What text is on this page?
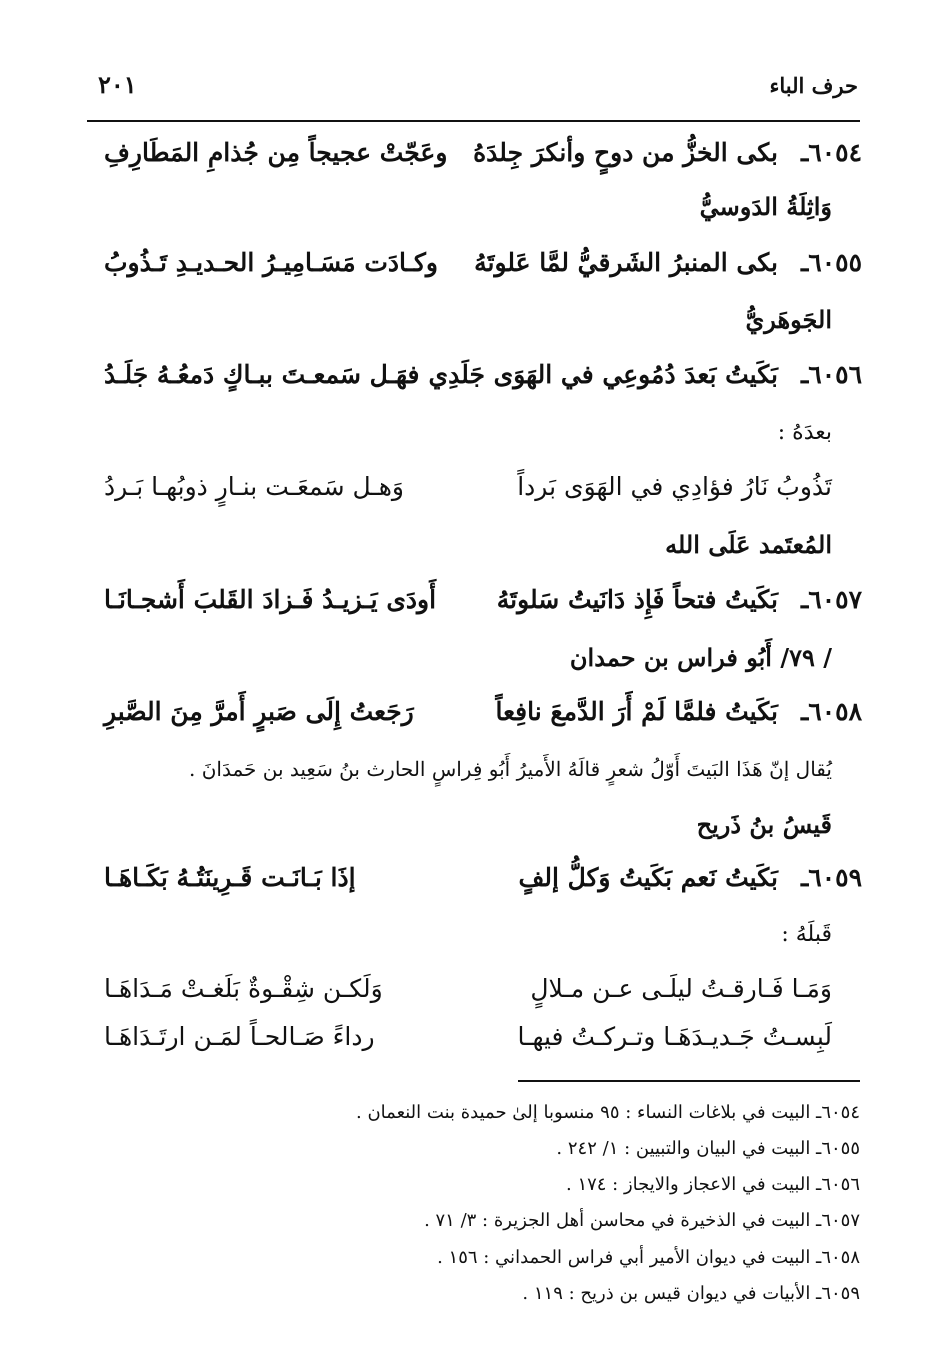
حرف الباء
٢٠١
٦٠٥٤ـ
بكى الخزُّ من دوحٍ وأنكرَ جِلدَهُ
وعَجّتْ عجيجاً مِن جُذامِ المَطَارِفِ
وَاثِلَةُ الدَوسيُّ
٦٠٥٥ـ
بكى المنبرُ الشَرقيُّ لمَّا عَلوتَهُ
وكـادَت مَسَـامِيـرُ الحـديـدِ تَـذُوبُ
الجَوهَريُّ
٦٠٥٦ـ
بَكَيتُ بَعدَ دُمُوعِي في الهَوَى جَلَدِي
فهَـل سَمعـتَ ببـاكٍ دَمعُـهُ جَلَـدُ
بعدَهُ :
تَذُوبُ نَارُ فؤادِي في الهَوَى بَرداً
وَهـل سَمعَـت بنـارٍ ذوبُهـا بَـردُ
المُعتَمد عَلَى الله
٦٠٥٧ـ
بَكَيتُ فتحاً فَإِذ دَانَيتُ سَلوتَهُ
أَودَى يَـزيـدُ فَـزادَ القَلبَ أَشجـانَـا
/ ٧٩/ أَبُو فراس بن حمدان
٦٠٥٨ـ
بَكَيتُ فلمَّا لَمْ أَرَ الدَّمعَ نافِعاً
رَجَعتُ إِلَى صَبرٍ أَمرَّ مِنَ الصَّبرِ
يُقال إنّ هَذَا البَيتَ أَوّلُ شعرٍ قالَهُ الأَميرُ أَبُو فِراسٍ الحارث بنُ سَعِيد بن حَمدَانَ .
قَيسُ بنُ ذَريح
٦٠٥٩ـ
بَكَيتُ نَعم بَكَيتُ وَكلُّ إلفٍ
إذَا بَـانَـت قَـرِينَتُـهُ بَكَـاهَـا
قَبلَهُ :
وَمَـا فَـارقـتُ ليلَـى عـن مـلالٍ
وَلَكـن شِقْـوةٌ بَلَغـتْ مَـدَاهَـا
لَبِسـتُ جَـديـدَهَـا وتـركـتُ فيهـا
رداءً صَـالحـاً لمَـن ارتَـدَاهَـا
٦٠٥٤ـ البيت في بلاغات النساء : ٩٥ منسوبا إلىٰ حميدة بنت النعمان .
٦٠٥٥ـ البيت في البيان والتبيين : ١/ ٢٤٢ .
٦٠٥٦ـ البيت في الاعجاز والايجاز : ١٧٤ .
٦٠٥٧ـ البيت في الذخيرة في محاسن أهل الجزيرة : ٣/ ٧١ .
٦٠٥٨ـ البيت في ديوان الأمير أبي فراس الحمداني : ١٥٦ .
٦٠٥٩ـ الأبيات في ديوان قيس بن ذريح : ١١٩ .
